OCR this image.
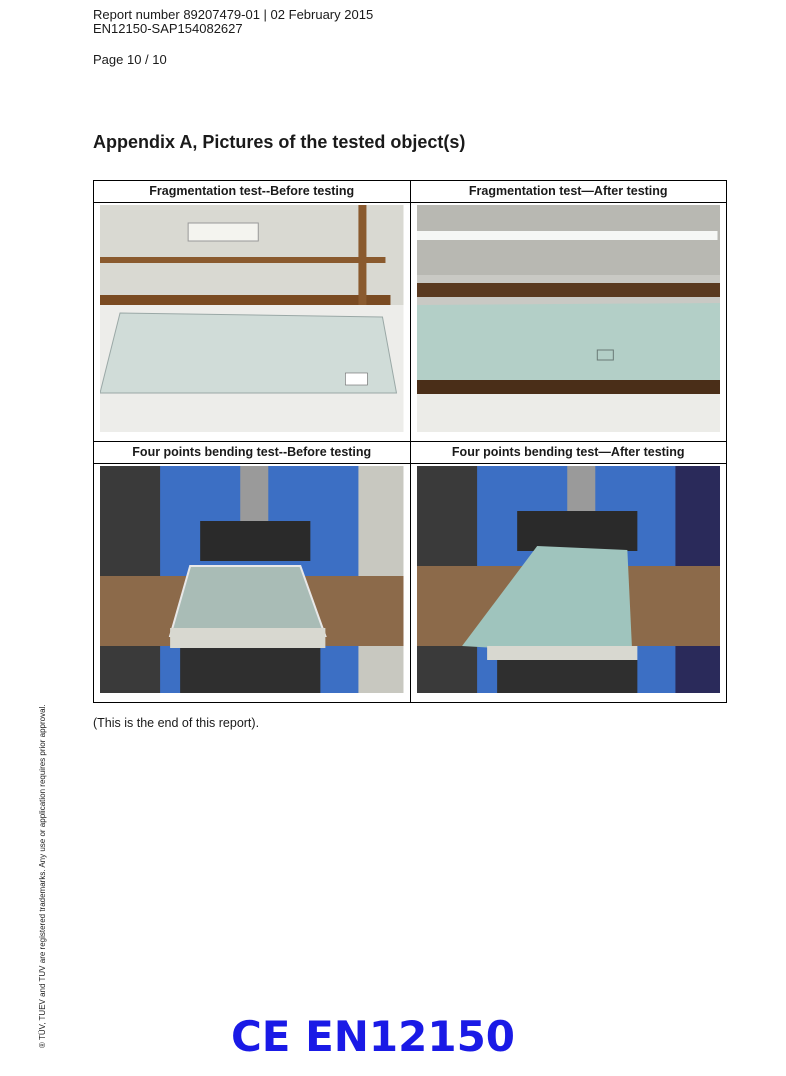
Report number 89207479-01 | 02 February 2015
EN12150-SAP154082627
Page 10 / 10
Appendix A, Pictures of the tested object(s)
Fragmentation test--Before testing	Fragmentation test—After testing

Four points bending test--Before testing	Four points bending test—After testing

(This is the end of this report).
® TÜV, TUEV and TUV are registered trademarks. Any use or application requires prior approval.	CE EN12150
